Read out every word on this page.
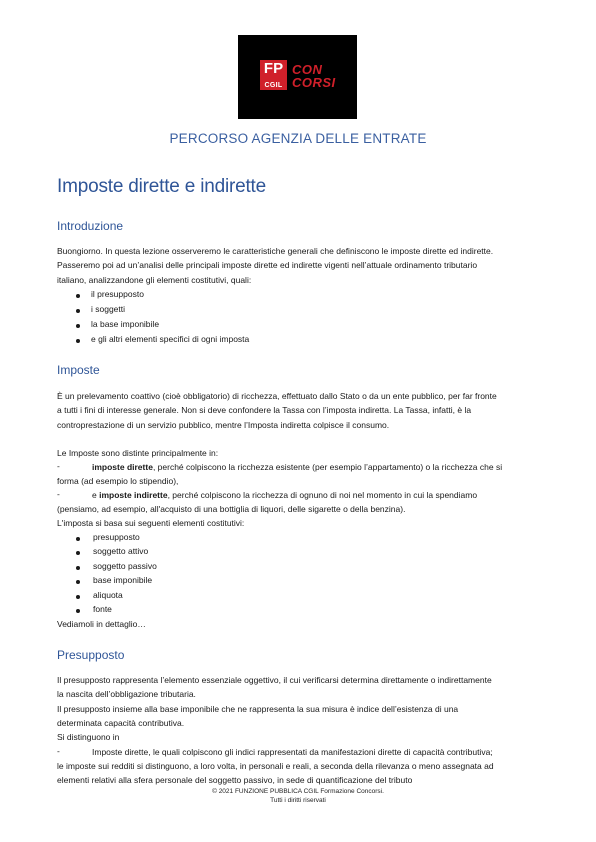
FP
CGIL
CON
CORSI
PERCORSO AGENZIA DELLE ENTRATE
Imposte dirette e indirette
Introduzione
Buongiorno. In questa lezione osserveremo le caratteristiche generali che definiscono le imposte dirette ed indirette.
Passeremo poi ad un’analisi delle principali imposte dirette ed indirette vigenti nell’attuale ordinamento tributario
italiano, analizzandone gli elementi costitutivi, quali:
il presupposto
i soggetti
la base imponibile
e gli altri elementi specifici di ogni imposta
Imposte
È un prelevamento coattivo (cioè obbligatorio) di ricchezza, effettuato dallo Stato o da un ente pubblico, per far fronte
a tutti i fini di interesse generale. Non si deve confondere la Tassa con l’imposta indiretta. La Tassa, infatti, è la
controprestazione di un servizio pubblico, mentre l’Imposta indiretta colpisce il consumo.
Le Imposte sono distinte principalmente in:
-	imposte dirette, perché colpiscono la ricchezza esistente (per esempio l’appartamento) o la ricchezza che si
forma (ad esempio lo stipendio),
-	e imposte indirette, perché colpiscono la ricchezza di ognuno di noi nel momento in cui la spendiamo
(pensiamo, ad esempio, all'acquisto di una bottiglia di liquori, delle sigarette o della benzina).
L'imposta si basa sui seguenti elementi costitutivi:
presupposto
soggetto attivo
soggetto passivo
base imponibile
aliquota
fonte
Vediamoli in dettaglio…
Presupposto
Il presupposto rappresenta l’elemento essenziale oggettivo, il cui verificarsi determina direttamente o indirettamente
la nascita dell’obbligazione tributaria.
Il presupposto insieme alla base imponibile che ne rappresenta la sua misura è indice dell’esistenza di una
determinata capacità contributiva.
Si distinguono in
-	Imposte dirette, le quali colpiscono gli indici rappresentati da manifestazioni dirette di capacità contributiva;
le imposte sui redditi si distinguono, a loro volta, in personali e reali, a seconda della rilevanza o meno assegnata ad
elementi relativi alla sfera personale del soggetto passivo, in sede di quantificazione del tributo
© 2021 FUNZIONE PUBBLICA CGIL Formazione Concorsi.
Tutti i diritti riservati
